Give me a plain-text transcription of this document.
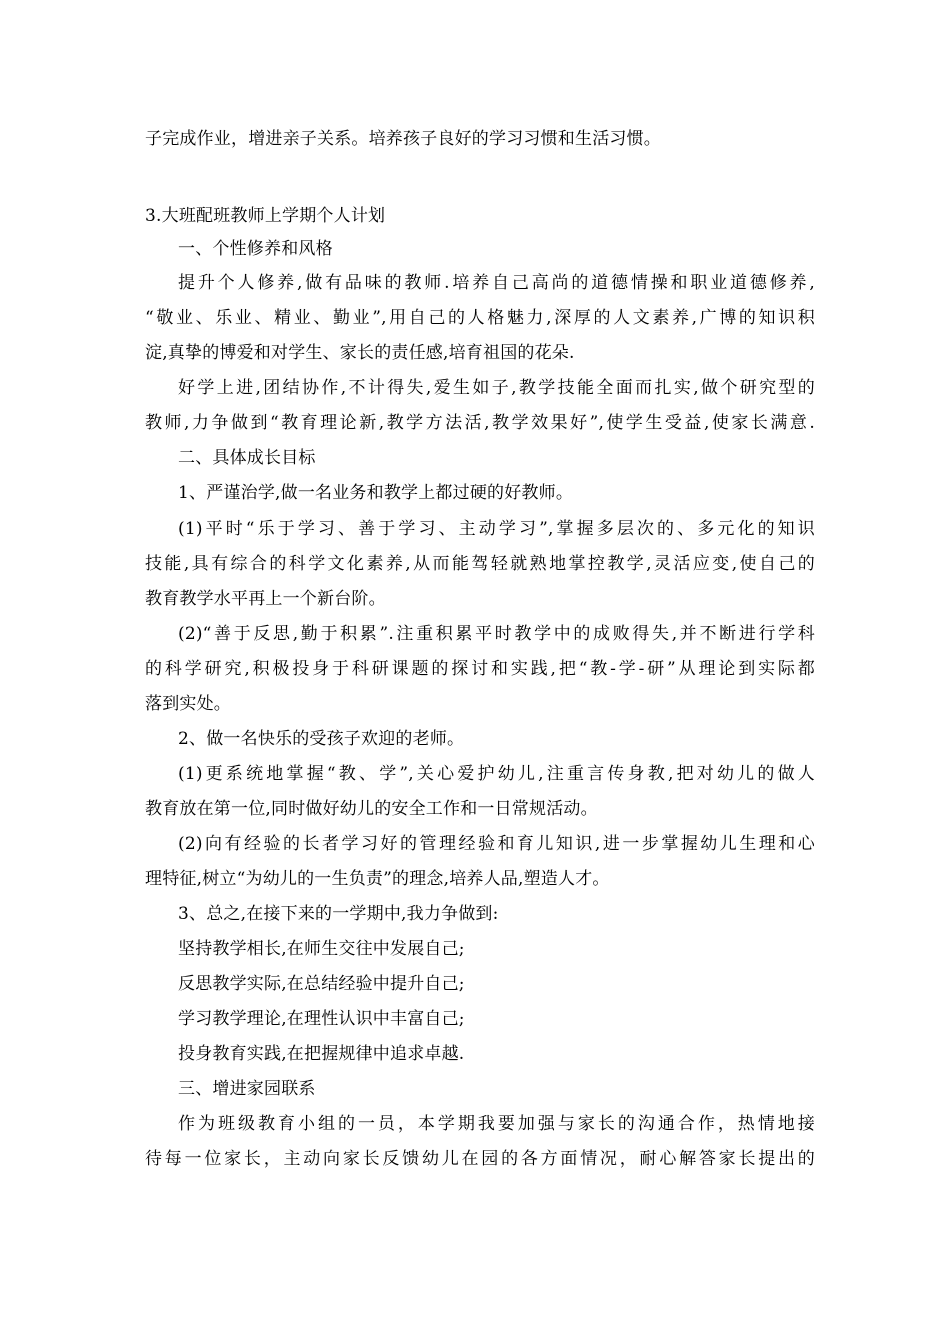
子完成作业，增进亲子关系。培养孩子良好的学习习惯和生活习惯。
3.大班配班教师上学期个人计划
一、个性修养和风格
提升个人修养,做有品味的教师.培养自己高尚的道德情操和职业道德修养,
“敬业、乐业、精业、勤业”,用自己的人格魅力,深厚的人文素养,广博的知识积
淀,真挚的博爱和对学生、家长的责任感,培育祖国的花朵.
好学上进,团结协作,不计得失,爱生如子,教学技能全面而扎实,做个研究型的
教师,力争做到“教育理论新,教学方法活,教学效果好”,使学生受益,使家长满意.
二、具体成长目标
1、严谨治学,做一名业务和教学上都过硬的好教师。
(1)平时“乐于学习、善于学习、主动学习”,掌握多层次的、多元化的知识
技能,具有综合的科学文化素养,从而能驾轻就熟地掌控教学,灵活应变,使自己的
教育教学水平再上一个新台阶。
(2)“善于反思,勤于积累”.注重积累平时教学中的成败得失,并不断进行学科
的科学研究,积极投身于科研课题的探讨和实践,把“教-学-研”从理论到实际都
落到实处。
2、做一名快乐的受孩子欢迎的老师。
(1)更系统地掌握“教、学”,关心爱护幼儿,注重言传身教,把对幼儿的做人
教育放在第一位,同时做好幼儿的安全工作和一日常规活动。
(2)向有经验的长者学习好的管理经验和育儿知识,进一步掌握幼儿生理和心
理特征,树立“为幼儿的一生负责”的理念,培养人品,塑造人才。
3、总之,在接下来的一学期中,我力争做到:
坚持教学相长,在师生交往中发展自己;
反思教学实际,在总结经验中提升自己;
学习教学理论,在理性认识中丰富自己;
投身教育实践,在把握规律中追求卓越.
三、增进家园联系
作为班级教育小组的一员，本学期我要加强与家长的沟通合作，热情地接
待每一位家长，主动向家长反馈幼儿在园的各方面情况，耐心解答家长提出的
